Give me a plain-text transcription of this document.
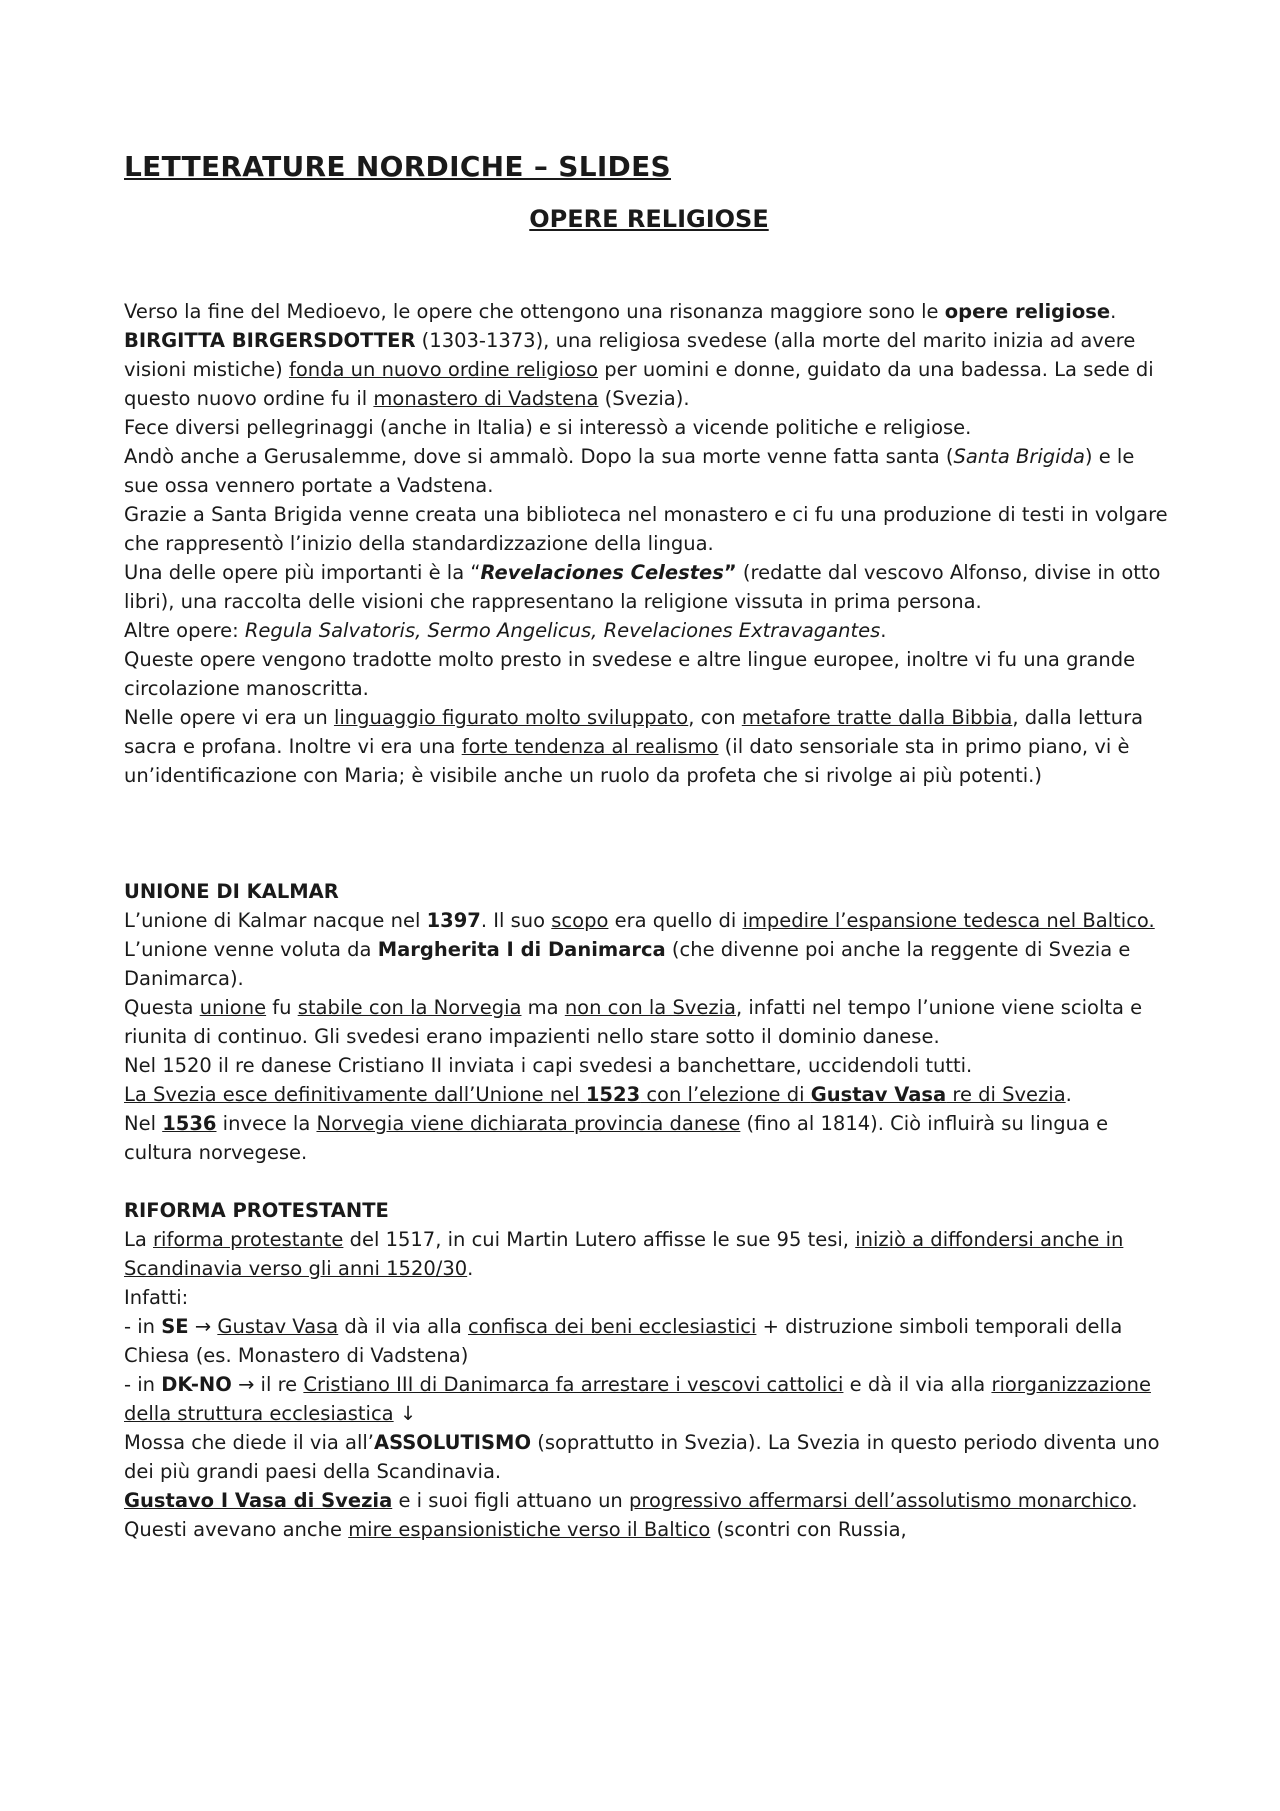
LETTERATURE NORDICHE – SLIDES
OPERE RELIGIOSE

Verso la fine del Medioevo, le opere che ottengono una risonanza maggiore sono le opere religiose.

BIRGITTA BIRGERSDOTTER (1303-1373), una religiosa svedese (alla morte del marito inizia ad avere visioni mistiche) fonda un nuovo ordine religioso per uomini e donne, guidato da una badessa. La sede di questo nuovo ordine fu il monastero di Vadstena (Svezia).

Fece diversi pellegrinaggi (anche in Italia) e si interessò a vicende politiche e religiose.

Andò anche a Gerusalemme, dove si ammalò. Dopo la sua morte venne fatta santa (Santa Brigida) e le sue ossa vennero portate a Vadstena.

Grazie a Santa Brigida venne creata una biblioteca nel monastero e ci fu una produzione di testi in volgare che rappresentò l’inizio della standardizzazione della lingua.

Una delle opere più importanti è la “Revelaciones Celestes” (redatte dal vescovo Alfonso, divise in otto libri), una raccolta delle visioni che rappresentano la religione vissuta in prima persona.

Altre opere: Regula Salvatoris, Sermo Angelicus, Revelaciones Extravagantes.

Queste opere vengono tradotte molto presto in svedese e altre lingue europee, inoltre vi fu una grande circolazione manoscritta.

Nelle opere vi era un linguaggio figurato molto sviluppato, con metafore tratte dalla Bibbia, dalla lettura sacra e profana. Inoltre vi era una forte tendenza al realismo (il dato sensoriale sta in primo piano, vi è un’identificazione con Maria; è visibile anche un ruolo da profeta che si rivolge ai più potenti.)

UNIONE DI KALMAR

L’unione di Kalmar nacque nel 1397. Il suo scopo era quello di impedire l’espansione tedesca nel Baltico.

L’unione venne voluta da Margherita I di Danimarca (che divenne poi anche la reggente di Svezia e Danimarca).

Questa unione fu stabile con la Norvegia ma non con la Svezia, infatti nel tempo l’unione viene sciolta e riunita di continuo. Gli svedesi erano impazienti nello stare sotto il dominio danese.

Nel 1520 il re danese Cristiano II inviata i capi svedesi a banchettare, uccidendoli tutti.

La Svezia esce definitivamente dall’Unione nel 1523 con l’elezione di Gustav Vasa re di Svezia.

Nel 1536 invece la Norvegia viene dichiarata provincia danese (fino al 1814). Ciò influirà su lingua e cultura norvegese.

RIFORMA PROTESTANTE

La riforma protestante del 1517, in cui Martin Lutero affisse le sue 95 tesi, iniziò a diffondersi anche in Scandinavia verso gli anni 1520/30.

Infatti:

- in SE → Gustav Vasa dà il via alla confisca dei beni ecclesiastici + distruzione simboli temporali della Chiesa (es. Monastero di Vadstena)

- in DK-NO → il re Cristiano III di Danimarca fa arrestare i vescovi cattolici e dà il via alla riorganizzazione della struttura ecclesiastica ↓

Mossa che diede il via all’ASSOLUTISMO (soprattutto in Svezia). La Svezia in questo periodo diventa uno dei più grandi paesi della Scandinavia.

Gustavo I Vasa di Svezia e i suoi figli attuano un progressivo affermarsi dell’assolutismo monarchico. Questi avevano anche mire espansionistiche verso il Baltico (scontri con Russia,
